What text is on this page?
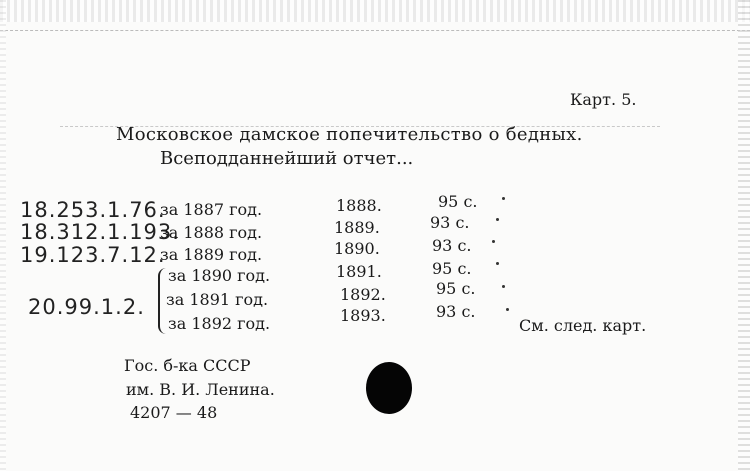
Карт. 5.
Московское дамское попечительство о бедных.
Всеподданнейший отчет...
18.253.1.76.
18.312.1.193.
19.123.7.12.
20.99.1.2.
за 1887 год.
за 1888 год.
за 1889 год.
за 1890 год.
за 1891 год.
за 1892 год.
1888.
1889.
1890.
1891.
1892.
1893.
95 с.
93 с.
93 с.
95 с.
95 с.
93 с.
См. след. карт.
Гос. б-ка СССР
им. В. И. Ленина.
4207 — 48
